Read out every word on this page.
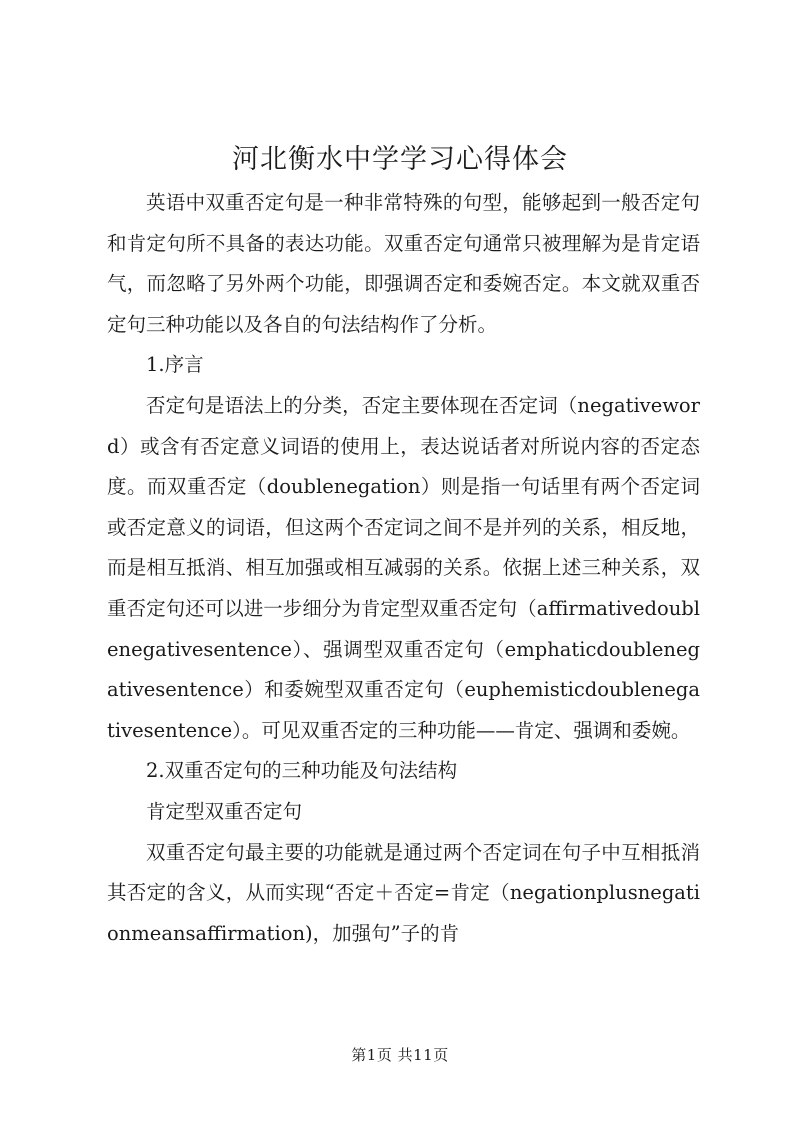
河北衡水中学学习心得体会

英语中双重否定句是一种非常特殊的句型，能够起到一般否定句和肯定句所不具备的表达功能。双重否定句通常只被理解为是肯定语气，而忽略了另外两个功能，即强调否定和委婉否定。本文就双重否定句三种功能以及各自的句法结构作了分析。

1.序言

否定句是语法上的分类，否定主要体现在否定词（negativeword）或含有否定意义词语的使用上，表达说话者对所说内容的否定态度。而双重否定（doublenegation）则是指一句话里有两个否定词或否定意义的词语，但这两个否定词之间不是并列的关系，相反地，而是相互抵消、相互加强或相互减弱的关系。依据上述三种关系，双重否定句还可以进一步细分为肯定型双重否定句（affirmativedoublenegativesentence）、强调型双重否定句（emphaticdoublenegativesentence）和委婉型双重否定句（euphemisticdoublenegativesentence）。可见双重否定的三种功能——肯定、强调和委婉。

2.双重否定句的三种功能及句法结构

肯定型双重否定句

双重否定句最主要的功能就是通过两个否定词在句子中互相抵消其否定的含义，从而实现“否定＋否定=肯定（negationplusnegationmeansaffirmation)，加强句”子的肯

第1页 共11页
